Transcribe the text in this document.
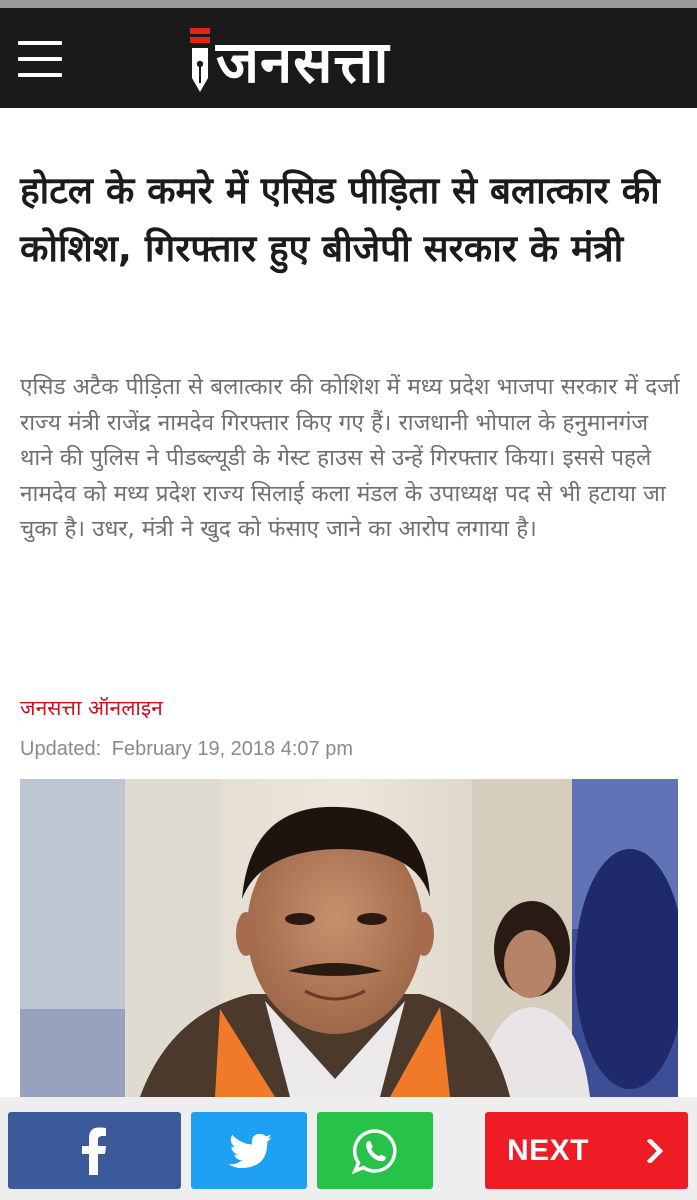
जनसत्ता
होटल के कमरे में एसिड पीड़िता से बलात्कार की कोशिश, गिरफ्तार हुए बीजेपी सरकार के मंत्री

एसिड अटैक पीड़िता से बलात्कार की कोशिश में मध्य प्रदेश भाजपा सरकार में दर्जा राज्य मंत्री राजेंद्र नामदेव गिरफ्तार किए गए हैं। राजधानी भोपाल के हनुमानगंज थाने की पुलिस ने पीडब्ल्यूडी के गेस्ट हाउस से उन्हें गिरफ्तार किया। इससे पहले नामदेव को मध्य प्रदेश राज्य सिलाई कला मंडल के उपाध्यक्ष पद से भी हटाया जा चुका है। उधर, मंत्री ने खुद को फंसाए जाने का आरोप लगाया है।

जनसत्ता ऑनलाइन
Updated: February 19, 2018 4:07 pm
NEXT
